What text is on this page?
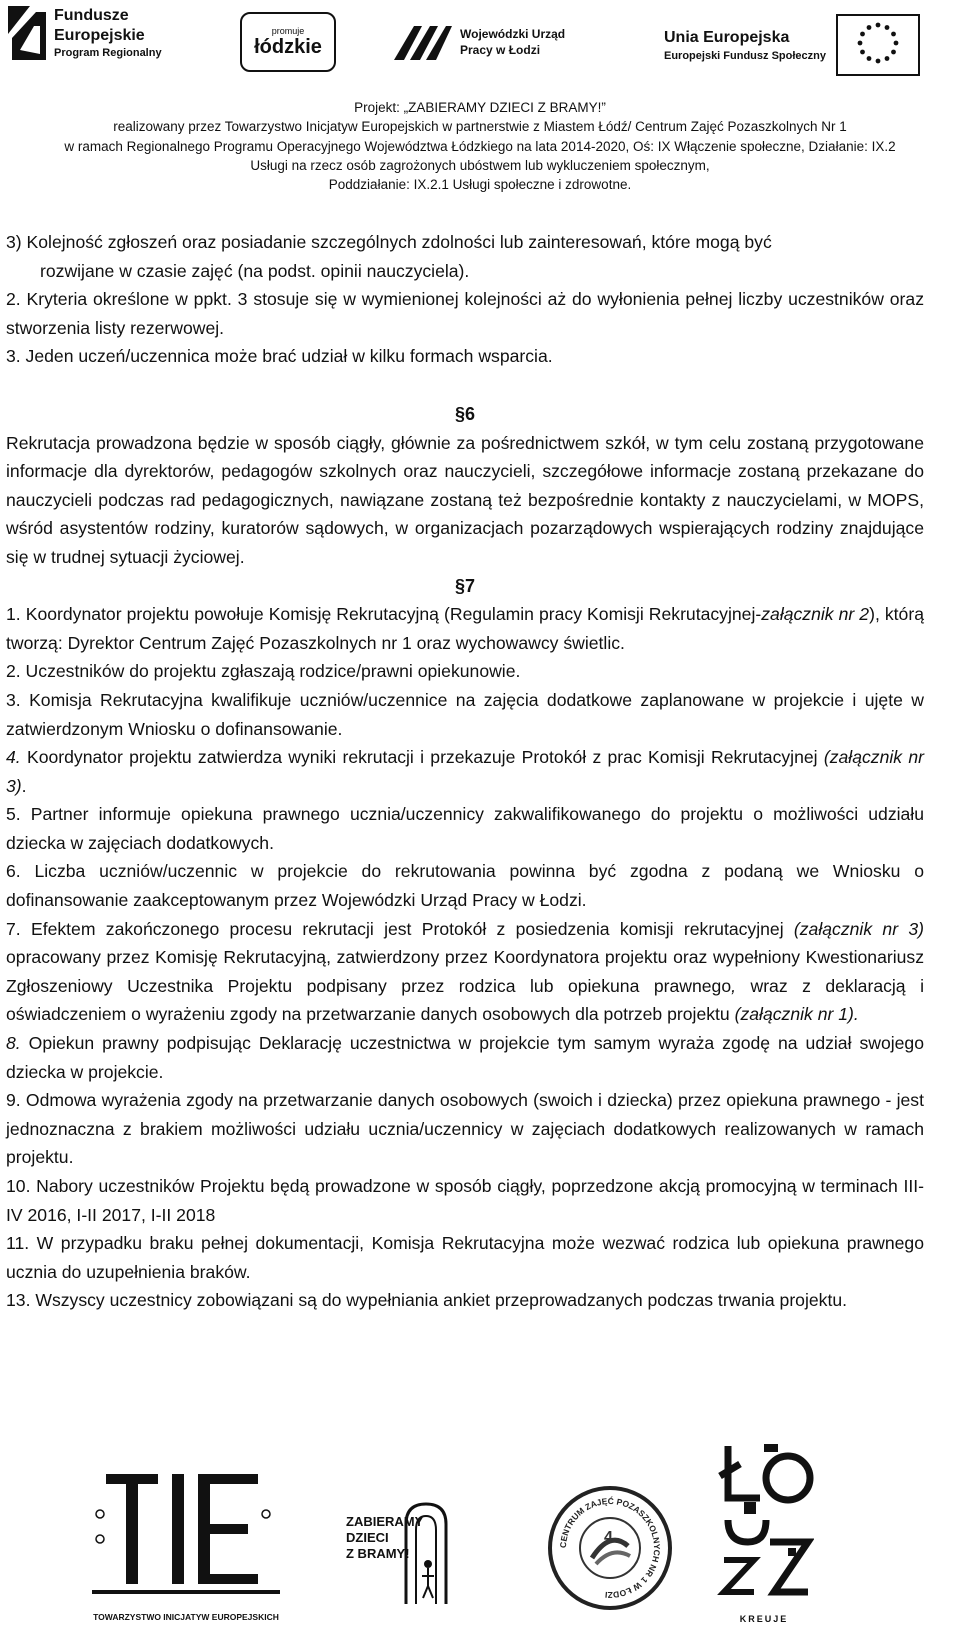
Fundusze
Europejskie
Program Regionalny
promuje
łódzkie
Wojewódzki Urząd
Pracy w Łodzi
Unia Europejska
Europejski Fundusz Społeczny
Projekt: „ZABIERAMY DZIECI Z BRAMY!”
realizowany przez Towarzystwo Inicjatyw Europejskich w partnerstwie z Miastem Łódź/ Centrum Zajęć Pozaszkolnych Nr 1
w ramach Regionalnego Programu Operacyjnego Województwa Łódzkiego na lata 2014-2020, Oś: IX Włączenie społeczne, Działanie: IX.2
Usługi na rzecz osób zagrożonych ubóstwem lub wykluczeniem społecznym,
Poddziałanie: IX.2.1 Usługi społeczne i zdrowotne.

3) Kolejność zgłoszeń oraz posiadanie szczególnych zdolności lub zainteresowań, które mogą być

rozwijane w czasie zajęć (na podst. opinii nauczyciela).

2. Kryteria określone w ppkt. 3 stosuje się w wymienionej kolejności aż do wyłonienia pełnej liczby uczestników oraz stworzenia listy rezerwowej.

3. Jeden uczeń/uczennica może brać udział w kilku formach wsparcia.

§6

Rekrutacja prowadzona będzie w sposób ciągły, głównie za pośrednictwem szkół, w tym celu zostaną przygotowane informacje dla dyrektorów, pedagogów szkolnych oraz nauczycieli, szczegółowe informacje zostaną przekazane do nauczycieli podczas rad pedagogicznych, nawiązane zostaną też bezpośrednie kontakty z nauczycielami, w MOPS, wśród asystentów rodziny, kuratorów sądowych, w organizacjach pozarządowych wspierających rodziny znajdujące się w trudnej sytuacji życiowej.

§7

1. Koordynator projektu powołuje Komisję Rekrutacyjną (Regulamin pracy Komisji Rekrutacyjnej-załącznik nr 2), którą tworzą: Dyrektor Centrum Zajęć Pozaszkolnych nr 1 oraz wychowawcy świetlic.

2. Uczestników do projektu zgłaszają rodzice/prawni opiekunowie.

3. Komisja Rekrutacyjna kwalifikuje uczniów/uczennice na zajęcia dodatkowe zaplanowane w projekcie i ujęte w zatwierdzonym Wniosku o dofinansowanie.

4. Koordynator projektu zatwierdza wyniki rekrutacji i przekazuje Protokół z prac Komisji Rekrutacyjnej (załącznik nr 3).

5. Partner informuje opiekuna prawnego ucznia/uczennicy zakwalifikowanego do projektu o możliwości udziału dziecka w zajęciach dodatkowych.

6. Liczba uczniów/uczennic w projekcie do rekrutowania powinna być zgodna z podaną we Wniosku o dofinansowanie zaakceptowanym przez Wojewódzki Urząd Pracy w Łodzi.

7. Efektem zakończonego procesu rekrutacji jest Protokół z posiedzenia komisji rekrutacyjnej (załącznik nr 3) opracowany przez Komisję Rekrutacyjną, zatwierdzony przez Koordynatora projektu oraz wypełniony Kwestionariusz Zgłoszeniowy Uczestnika Projektu podpisany przez rodzica lub opiekuna prawnego, wraz z deklaracją i oświadczeniem o wyrażeniu zgody na przetwarzanie danych osobowych dla potrzeb projektu (załącznik nr 1).

8. Opiekun prawny podpisując Deklarację uczestnictwa w projekcie tym samym wyraża zgodę na udział swojego dziecka w projekcie.

9. Odmowa wyrażenia zgody na przetwarzanie danych osobowych (swoich i dziecka) przez opiekuna prawnego - jest jednoznaczna z brakiem możliwości udziału ucznia/uczennicy w zajęciach dodatkowych realizowanych w ramach projektu.

10. Nabory uczestników Projektu będą prowadzone w sposób ciągły, poprzedzone akcją promocyjną w terminach III-IV 2016, I-II 2017, I-II 2018

11. W przypadku braku pełnej dokumentacji, Komisja Rekrutacyjna może wezwać rodzica lub opiekuna prawnego ucznia do uzupełnienia braków.

13. Wszyscy uczestnicy zobowiązani są do wypełniania ankiet przeprowadzanych podczas trwania projektu.

TOWARZYSTWO INICJATYW EUROPEJSKICH
ZABIERAMY
DZIECI
Z BRAMY!
CENTRUM ZAJĘĆ POZASZKOLNYCH NR 1 W ŁODZI
4
KREUJE
